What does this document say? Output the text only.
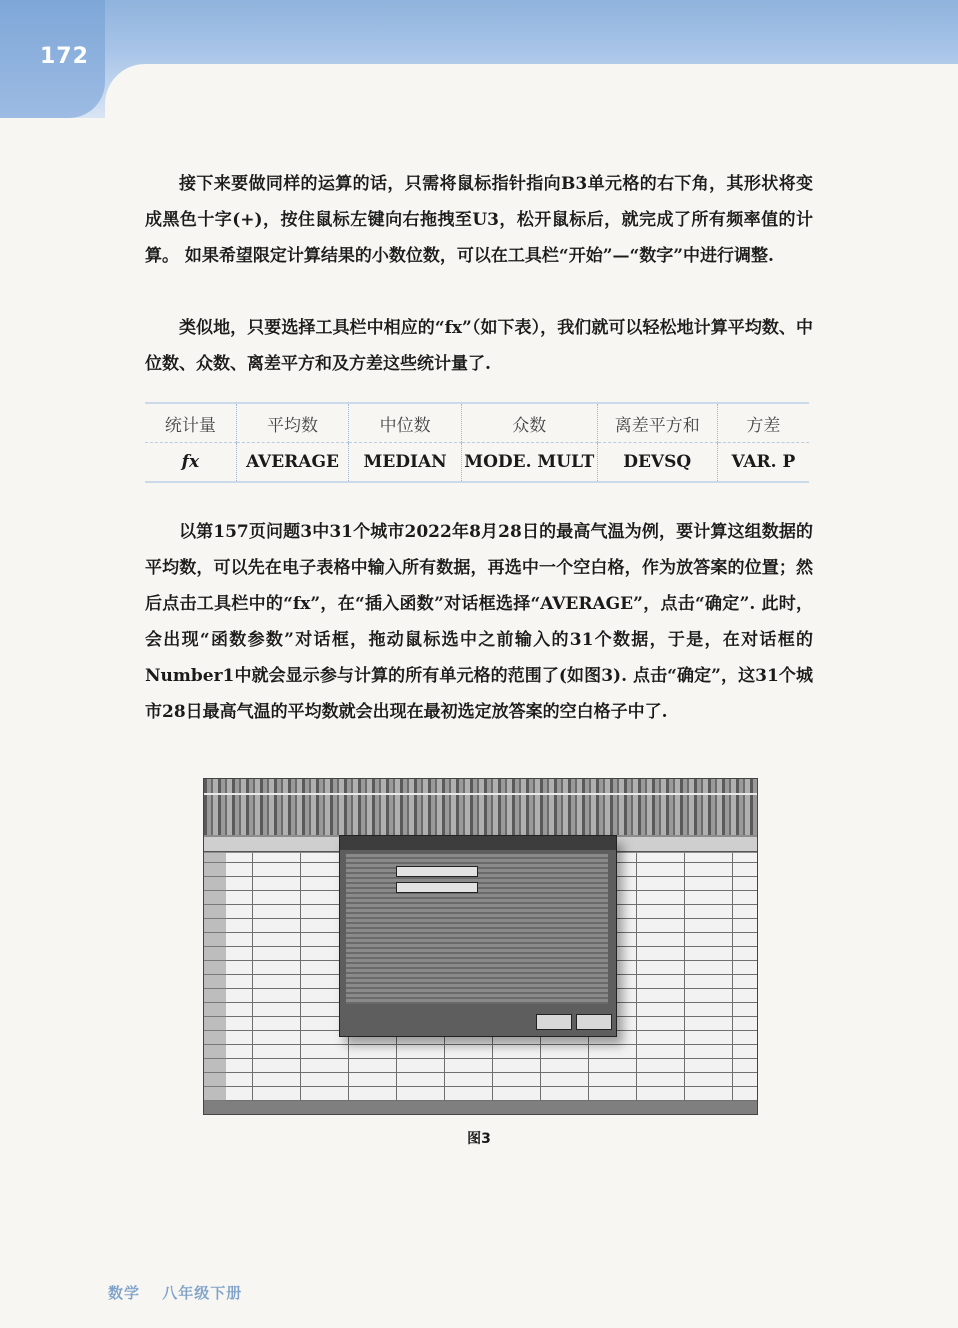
172

接下来要做同样的运算的话，只需将鼠标指针指向B3单元格的右下角，其形状将变成黑色十字(+)，按住鼠标左键向右拖拽至U3，松开鼠标后，就完成了所有频率值的计算。 如果希望限定计算结果的小数位数，可以在工具栏“开始”—“数字”中进行调整.

类似地，只要选择工具栏中相应的“fx”（如下表），我们就可以轻松地计算平均数、中位数、众数、离差平方和及方差这些统计量了.

统计量	平均数	中位数	众数	离差平方和	方差
fx	AVERAGE	MEDIAN	MODE. MULT	DEVSQ	VAR. P

以第157页问题3中31个城市2022年8月28日的最高气温为例，要计算这组数据的平均数，可以先在电子表格中输入所有数据，再选中一个空白格，作为放答案的位置；然后点击工具栏中的“fx”，在“插入函数”对话框选择“AVERAGE”，点击“确定”. 此时，会出现“函数参数”对话框，拖动鼠标选中之前输入的31个数据，于是，在对话框的Number1中就会显示参与计算的所有单元格的范围了(如图3). 点击“确定”，这31个城市28日最高气温的平均数就会出现在最初选定放答案的空白格子中了.

图3
数学 八年级下册
